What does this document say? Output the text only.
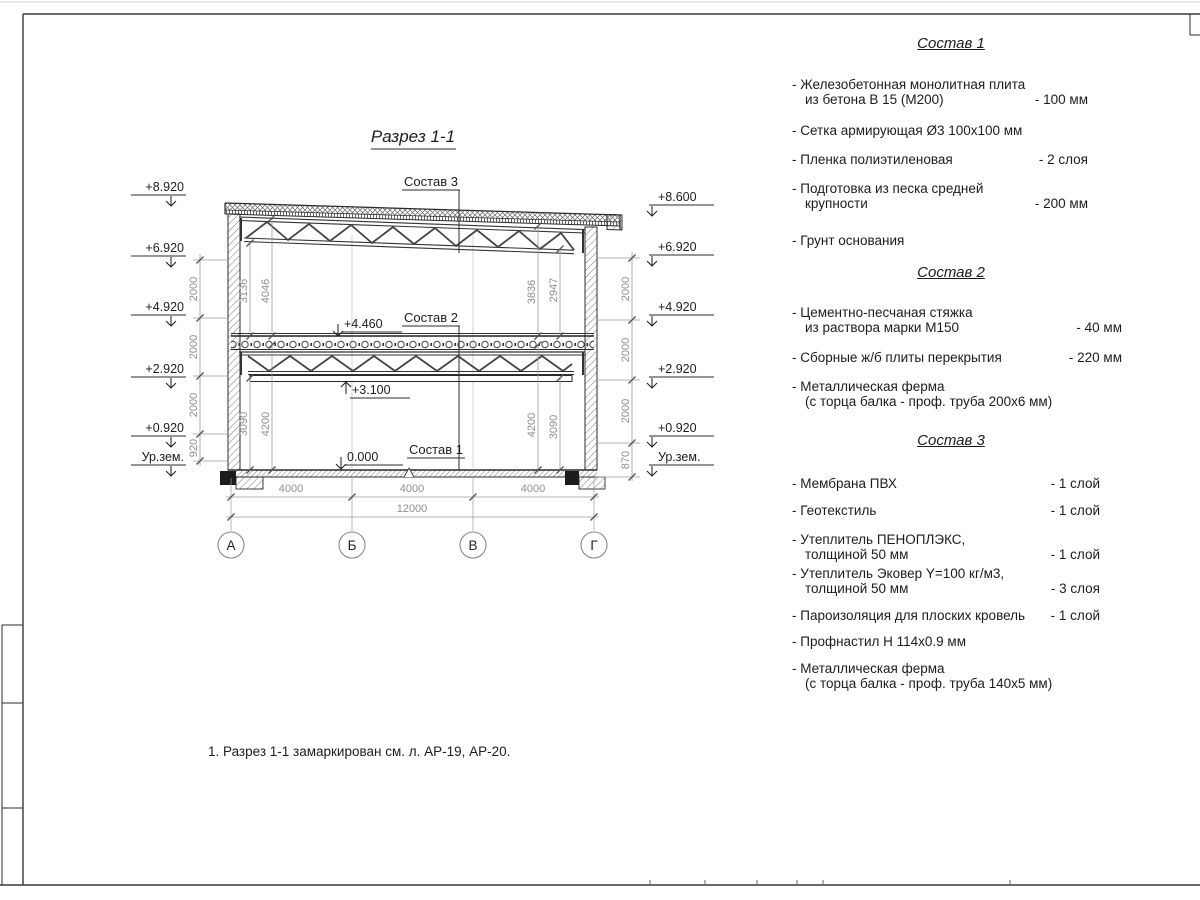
Разрез 1-1
Состав 3
Состав 2
Состав 1
+4.460
+3.100
0.000
+8.920
+6.920
+4.920
+2.920
+0.920
Ур.зем.
+8.600
+6.920
+4.920
+2.920
+0.920
Ур.зем.
2000
2000
2000
920
2000
2000
2000
870
3136 4046
3090 4200
3836 2947
4200 3090
4000	4000	4000
12000
А	Б	В	Г
Состав 1
- Железобетонная монолитная плита
из бетона В 15 (М200)	- 100 мм
- Сетка армирующая Ø3 100х100 мм
- Пленка полиэтиленовая	- 2 слоя
- Подготовка из песка средней
крупности	- 200 мм
- Грунт основания
Состав 2
- Цементно-песчаная стяжка
из раствора марки М150	- 40 мм
- Сборные ж/б плиты перекрытия	- 220 мм
- Металлическая ферма
(с торца балка - проф. труба 200х6 мм)
Состав 3
- Мембрана ПВХ	- 1 слой
- Геотекстиль	- 1 слой
- Утеплитель ПЕНОПЛЭКС,
толщиной 50 мм	- 1 слой
- Утеплитель Эковер Y=100 кг/м3,
толщиной 50 мм	- 3 слоя
- Пароизоляция для плоских кровель	- 1 слой
- Профнастил Н 114х0.9 мм
- Металлическая ферма
(с торца балка - проф. труба 140х5 мм)
1. Разрез 1-1 замаркирован см. л. АР-19, АР-20.
